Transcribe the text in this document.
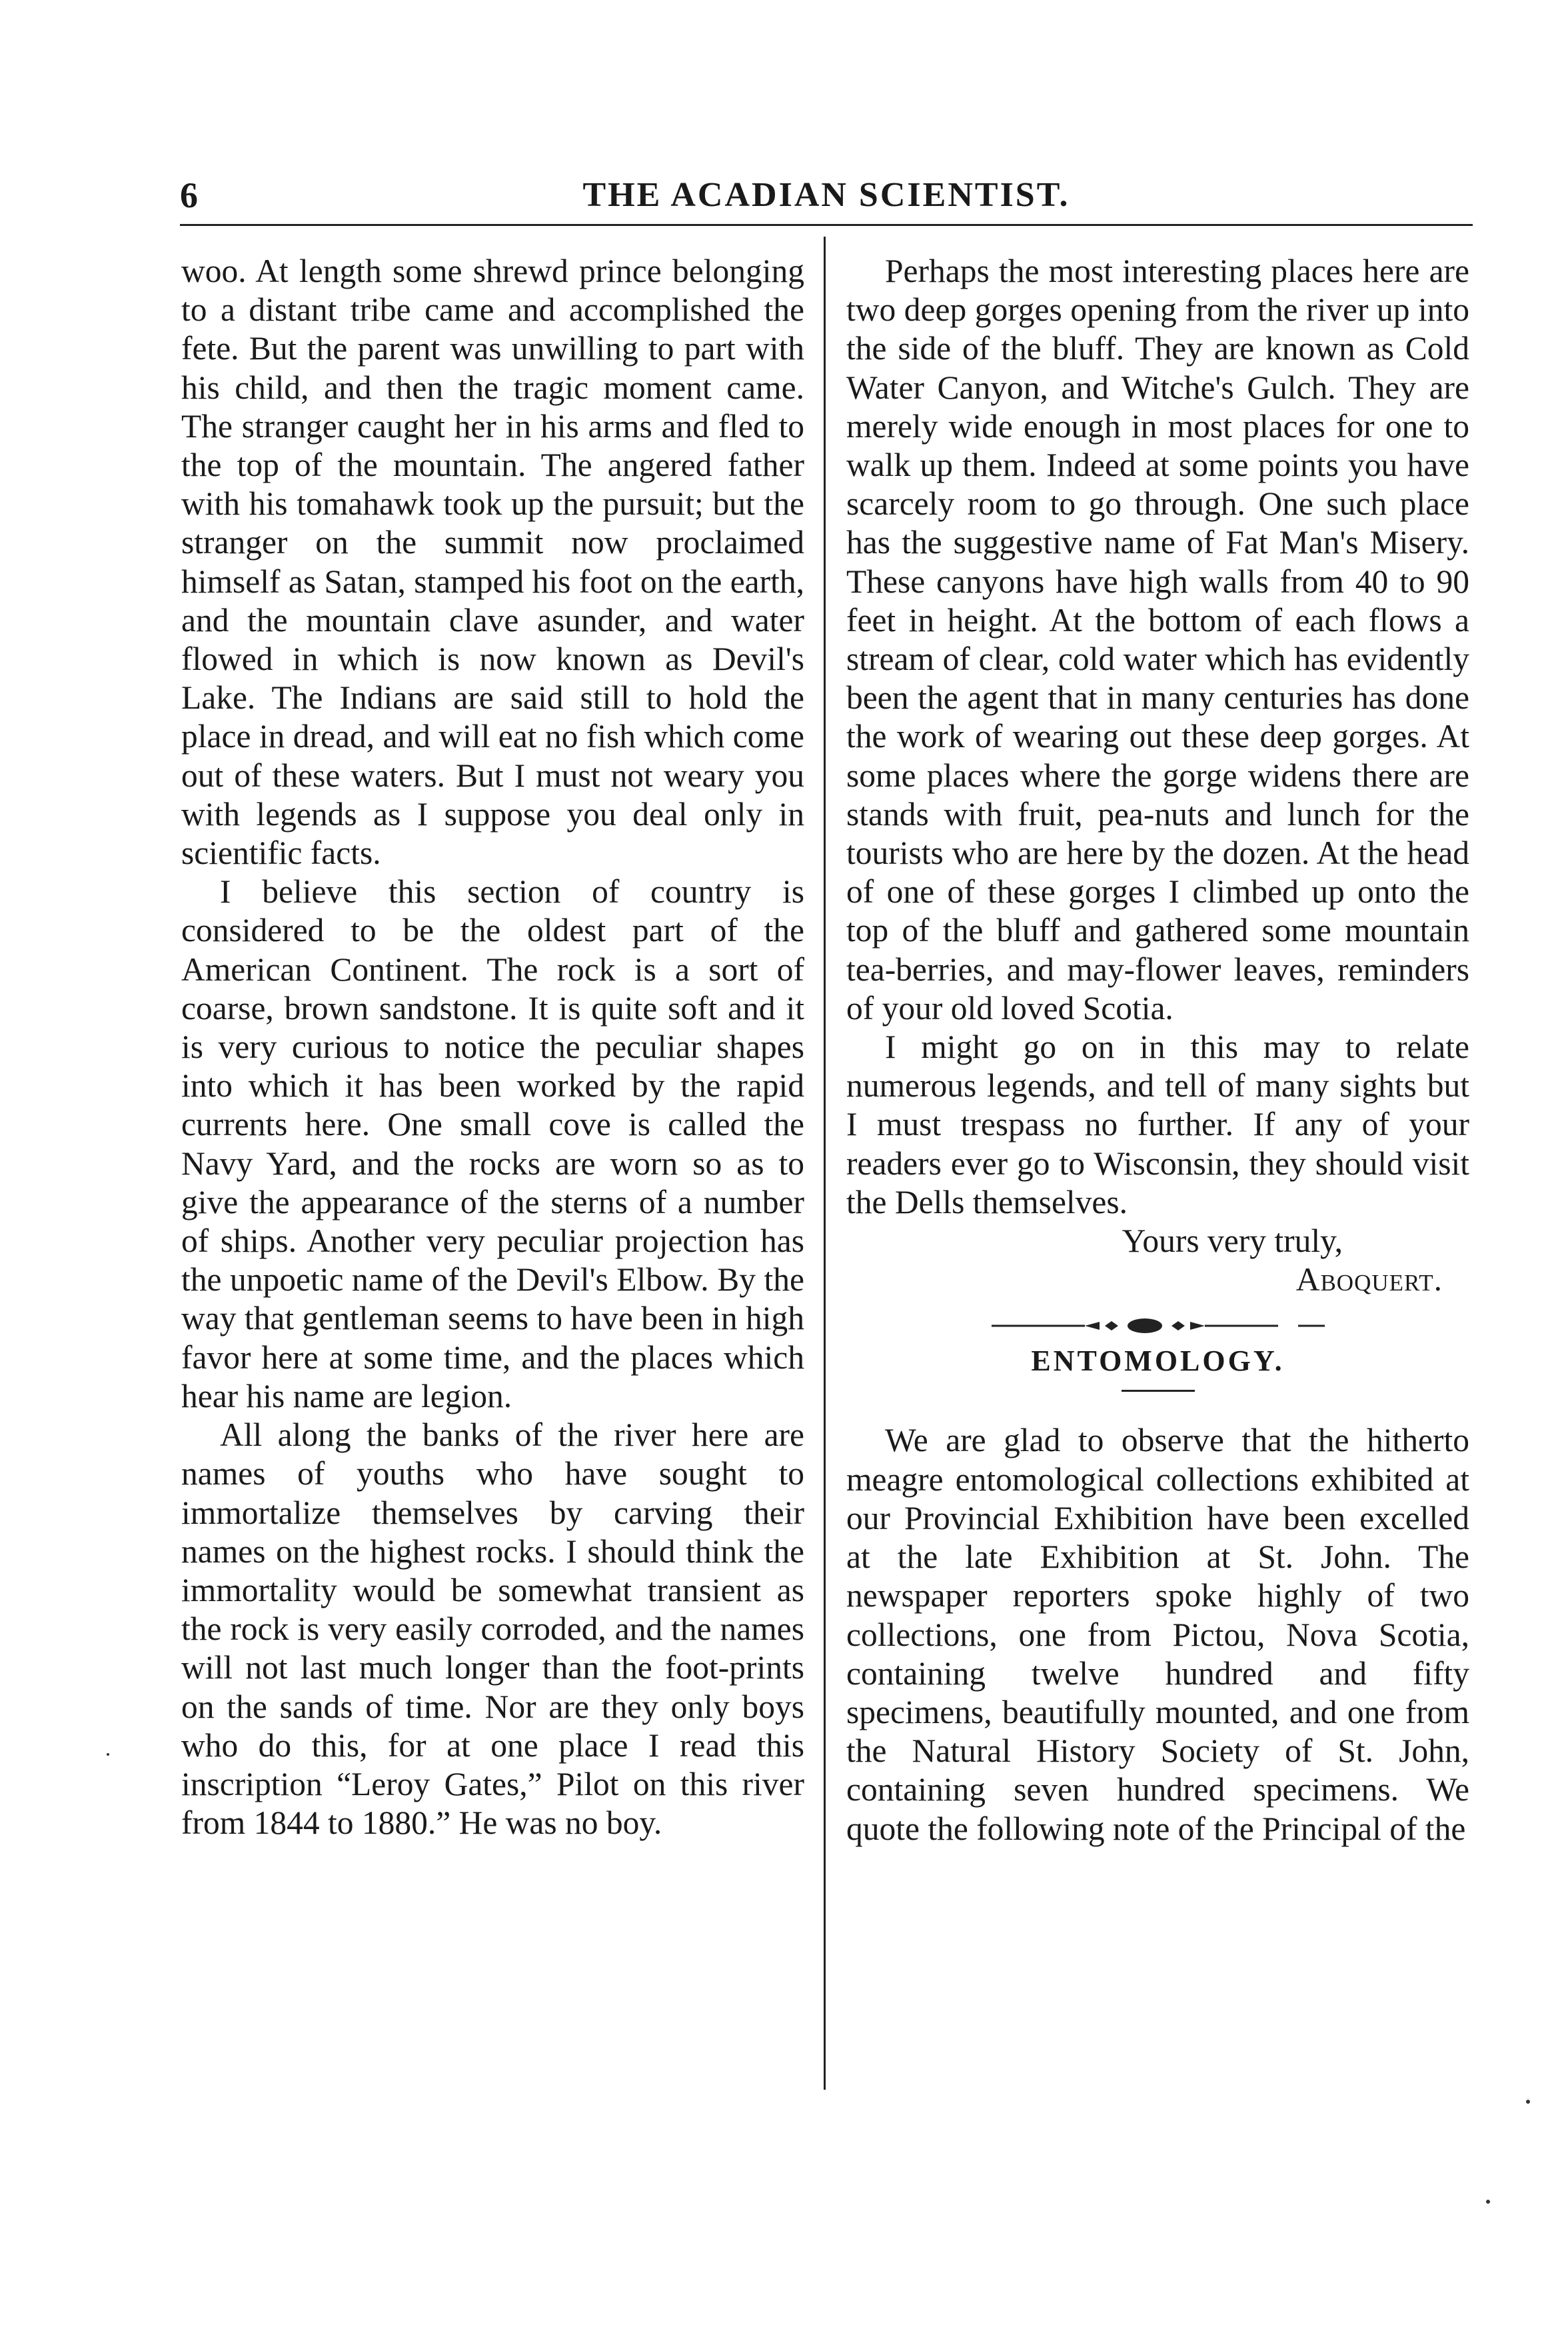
6	THE ACADIAN SCIENTIST.

woo. At length some shrewd prince belonging to a distant tribe came and accomplished the fete. But the parent was unwilling to part with his child, and then the tragic moment came. The stranger caught her in his arms and fled to the top of the mountain. The angered father with his tomahawk took up the pursuit; but the stranger on the summit now proclaimed himself as Satan, stamped his foot on the earth, and the mountain clave asunder, and water flowed in which is now known as Devil's Lake. The Indians are said still to hold the place in dread, and will eat no fish which come out of these waters. But I must not weary you with legends as I suppose you deal only in scientific facts.

I believe this section of country is considered to be the oldest part of the American Continent. The rock is a sort of coarse, brown sandstone. It is quite soft and it is very curious to notice the peculiar shapes into which it has been worked by the rapid currents here. One small cove is called the Navy Yard, and the rocks are worn so as to give the appearance of the sterns of a number of ships. Another very peculiar projection has the unpoetic name of the Devil's Elbow. By the way that gentleman seems to have been in high favor here at some time, and the places which hear his name are legion.

All along the banks of the river here are names of youths who have sought to immortalize themselves by carving their names on the highest rocks. I should think the immortality would be somewhat transient as the rock is very easily corroded, and the names will not last much longer than the foot-prints on the sands of time. Nor are they only boys who do this, for at one place I read this inscription “Leroy Gates,” Pilot on this river from 1844 to 1880.” He was no boy.

Perhaps the most interesting places here are two deep gorges opening from the river up into the side of the bluff. They are known as Cold Water Canyon, and Witche's Gulch. They are merely wide enough in most places for one to walk up them. Indeed at some points you have scarcely room to go through. One such place has the suggestive name of Fat Man's Misery. These canyons have high walls from 40 to 90 feet in height. At the bottom of each flows a stream of clear, cold water which has evidently been the agent that in many centuries has done the work of wearing out these deep gorges. At some places where the gorge widens there are stands with fruit, pea-nuts and lunch for the tourists who are here by the dozen. At the head of one of these gorges I climbed up onto the top of the bluff and gathered some mountain tea-berries, and may-flower leaves, reminders of your old loved Scotia.

I might go on in this may to relate numerous legends, and tell of many sights but I must trespass no further. If any of your readers ever go to Wisconsin, they should visit the Dells themselves.

Yours very truly,
Aboquert.
ENTOMOLOGY.

We are glad to observe that the hitherto meagre entomological collections exhibited at our Provincial Exhibition have been excelled at the late Exhibition at St. John. The newspaper reporters spoke highly of two collections, one from Pictou, Nova Scotia, containing twelve hundred and fifty specimens, beautifully mounted, and one from the Natural History Society of St. John, containing seven hundred specimens. We quote the following note of the Principal of the
